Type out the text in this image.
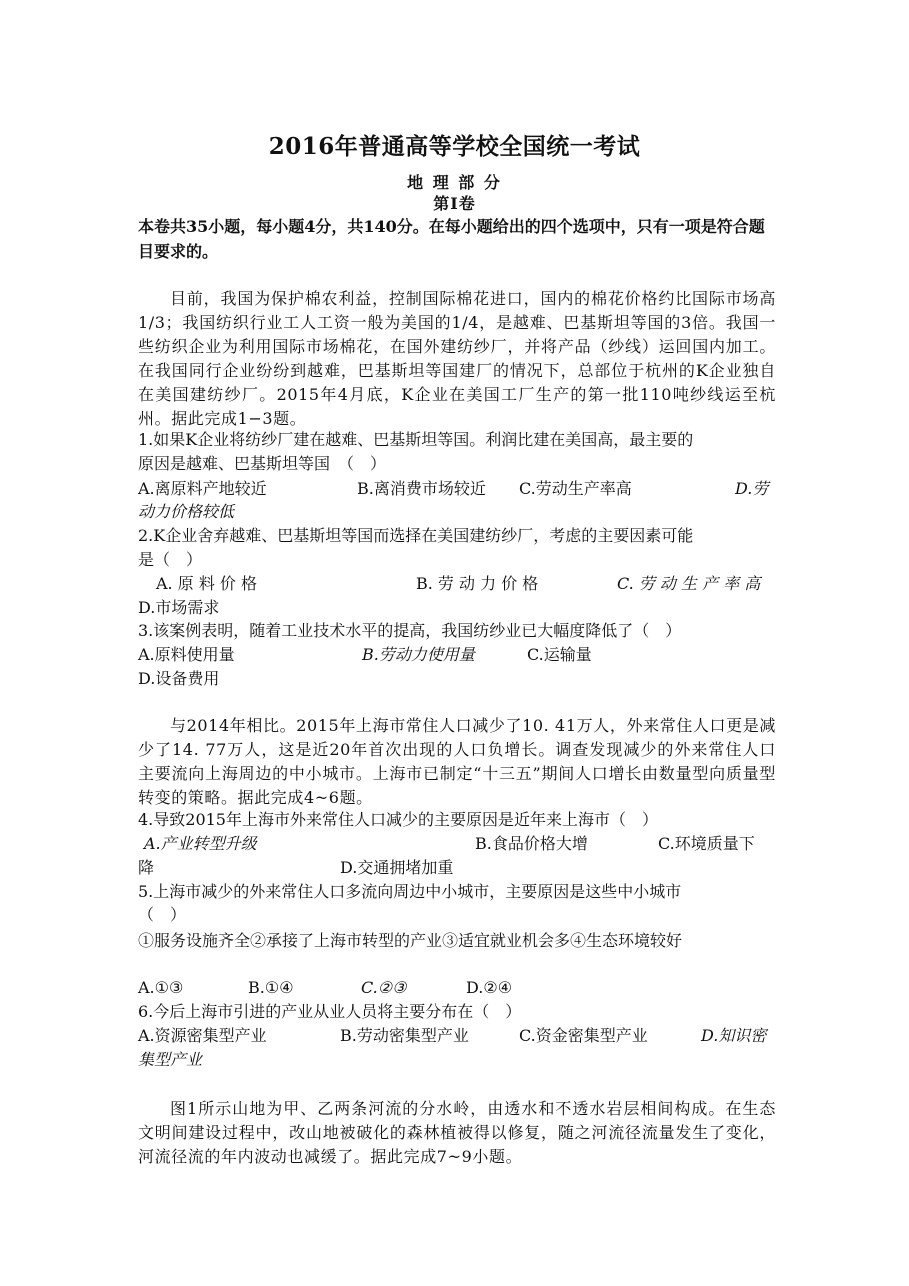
2016年普通高等学校全国统一考试
地 理 部 分
第Ⅰ卷
本卷共35小题，每小题4分，共140分。在每小题给出的四个选项中，只有一项是符合题目要求的。
目前，我国为保护棉农利益，控制国际棉花进口，国内的棉花价格约比国际市场高1/3；我国纺织行业工人工资一般为美国的1/4，是越难、巴基斯坦等国的3倍。我国一些纺织企业为利用国际市场棉花，在国外建纺纱厂，并将产品（纱线）运回国内加工。在我国同行企业纷纷到越难，巴基斯坦等国建厂的情况下，总部位于杭州的K企业独自在美国建纺纱厂。2015年4月底，K企业在美国工厂生产的第一批110吨纱线运至杭州。据此完成1−3题。
1.如果K企业将纺纱厂建在越难、巴基斯坦等国。利润比建在美国高，最主要的
原因是越难、巴基斯坦等国　（　）
A.离原料产地较近	B.离消费市场较近 C.劳动生产率高	D.劳
动力价格较低
2.K企业舍弃越难、巴基斯坦等国而选择在美国建纺纱厂，考虑的主要因素可能
是（　）
A. 原 料 价 格	B. 劳 动 力 价 格	C. 劳 动 生 产 率 高
D.市场需求
3.该案例表明，随着工业技术水平的提高，我国纺纱业已大幅度降低了（　）
A.原料使用量	B.劳动力使用量	C.运输量
D.设备费用
与2014年相比。2015年上海市常住人口减少了10. 41万人，外来常住人口更是减少了14. 77万人，这是近20年首次出现的人口负增长。调查发现减少的外来常住人口主要流向上海周边的中小城市。上海市已制定“十三五”期间人口增长由数量型向质量型转变的策略。据此完成4~6题。
4.导致2015年上海市外来常住人口减少的主要原因是近年来上海市（　）
A.产业转型升级	B.食品价格大增	C.环境质量下
降	D.交通拥堵加重
5.上海市减少的外来常住人口多流向周边中小城市，主要原因是这些中小城市
（　）
①服务设施齐全②承接了上海市转型的产业③适宜就业机会多④生态环境较好
A.①③	B.①④	C.②③	D.②④
6.今后上海市引进的产业从业人员将主要分布在（　）
A.资源密集型产业	B.劳动密集型产业	C.资金密集型产业	D.知识密
集型产业
图1所示山地为甲、乙两条河流的分水岭，由透水和不透水岩层相间构成。在生态文明间建设过程中，改山地被破化的森林植被得以修复，随之河流径流量发生了变化，河流径流的年内波动也减缓了。据此完成7~9小题。
